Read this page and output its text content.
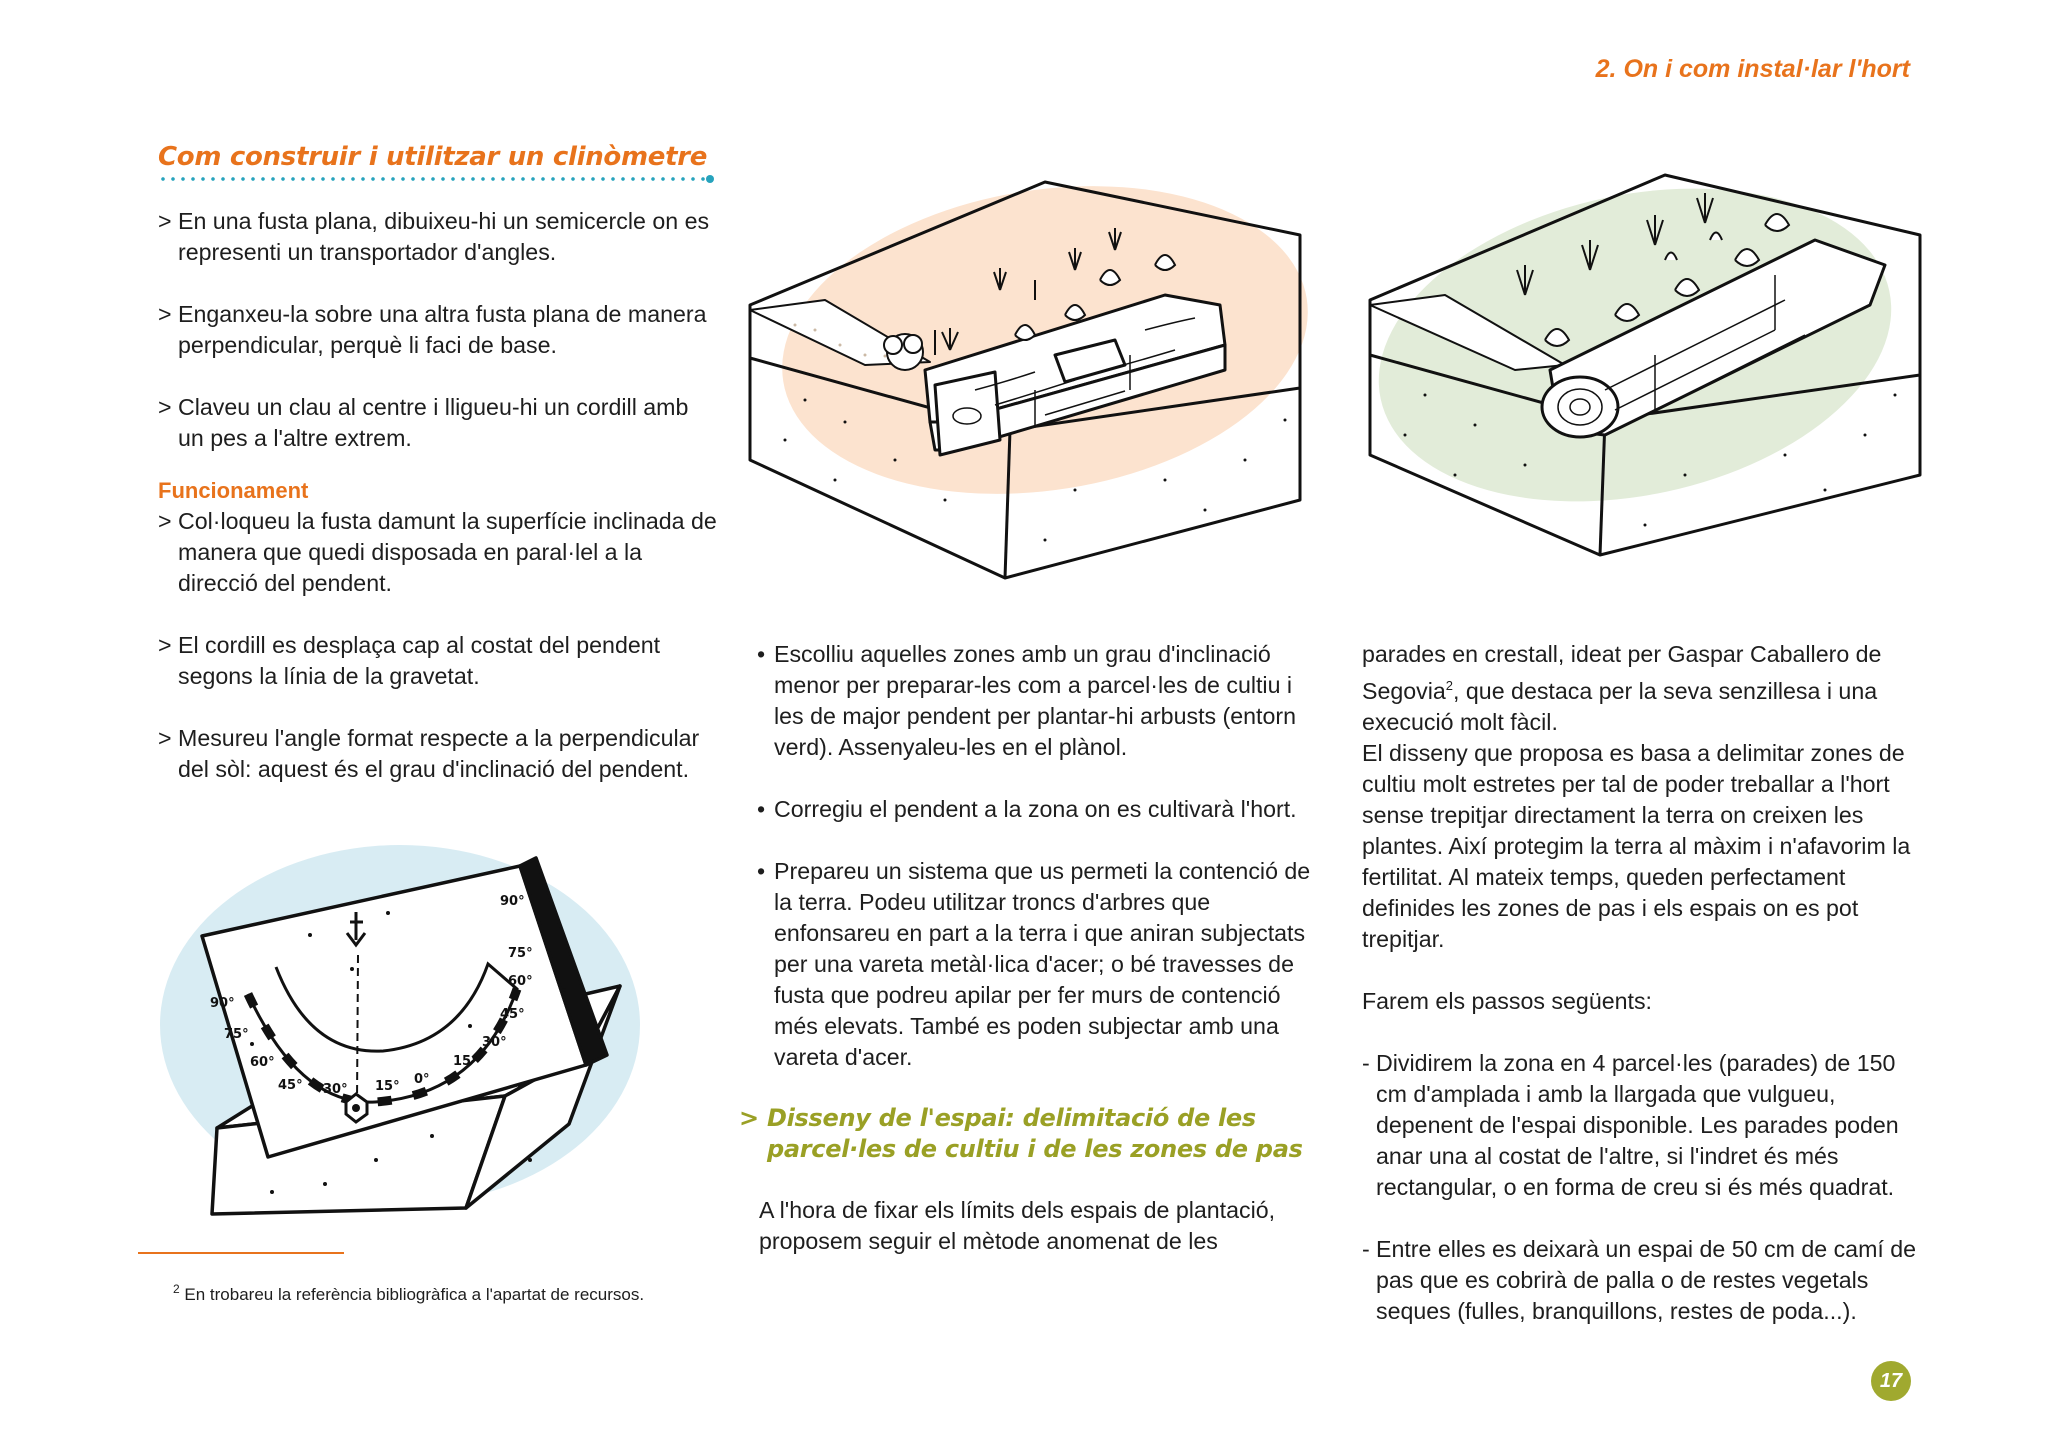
2. On i com instal·lar l'hort
Com construir i utilitzar un clinòmetre
> En una fusta plana, dibuixeu-hi un semicercle on es representi un transportador d'angles.
> Enganxeu-la sobre una altra fusta plana de manera perpendicular, perquè li faci de base.
> Claveu un clau al centre i lligueu-hi un cordill amb un pes a l'altre extrem.
Funcionament
> Col·loqueu la fusta damunt la superfície inclinada de manera que quedi disposada en paral·lel a la direcció del pendent.
> El cordill es desplaça cap al costat del pendent segons la línia de la gravetat.
> Mesureu l'angle format respecte a la perpendicular del sòl: aquest és el grau d'inclinació del pendent.
90°
75°
60°
45° 30° 15° 0°
15°
30°
45°
60°
75°
90°
$^2$ En trobareu la referència bibliogràfica a l'apartat de recursos.
• Escolliu aquelles zones amb un grau d'inclinació menor per preparar-les com a parcel·les de cultiu i les de major pendent per plantar-hi arbusts (entorn verd). Assenyaleu-les en el plànol.
• Corregiu el pendent a la zona on es cultivarà l'hort.
• Prepareu un sistema que us permeti la contenció de la terra. Podeu utilitzar troncs d'arbres que enfonsareu en part a la terra i que aniran subjectats per una vareta metàl·lica d'acer; o bé travesses de fusta que podreu apilar per fer murs de contenció més elevats. També es poden subjectar amb una vareta d'acer.
> Disseny de l'espai: delimitació de les parcel·les de cultiu i de les zones de pas
A l'hora de fixar els límits dels espais de plantació, proposem seguir el mètode anomenat de les
parades en crestall, ideat per Gaspar Caballero de Segovia$^2$, que destaca per la seva senzillesa i una execució molt fàcil.
El disseny que proposa es basa a delimitar zones de cultiu molt estretes per tal de poder treballar a l'hort sense trepitjar directament la terra on creixen les plantes. Així protegim la terra al màxim i n'afavorim la fertilitat. Al mateix temps, queden perfectament definides les zones de pas i els espais on es pot trepitjar.
Farem els passos següents:
- Dividirem la zona en 4 parcel·les (parades) de 150 cm d'amplada i amb la llargada que vulgueu, depenent de l'espai disponible. Les parades poden anar una al costat de l'altre, si l'indret és més rectangular, o en forma de creu si és més quadrat.
- Entre elles es deixarà un espai de 50 cm de camí de pas que es cobrirà de palla o de restes vegetals seques (fulles, branquillons, restes de poda...).
17
